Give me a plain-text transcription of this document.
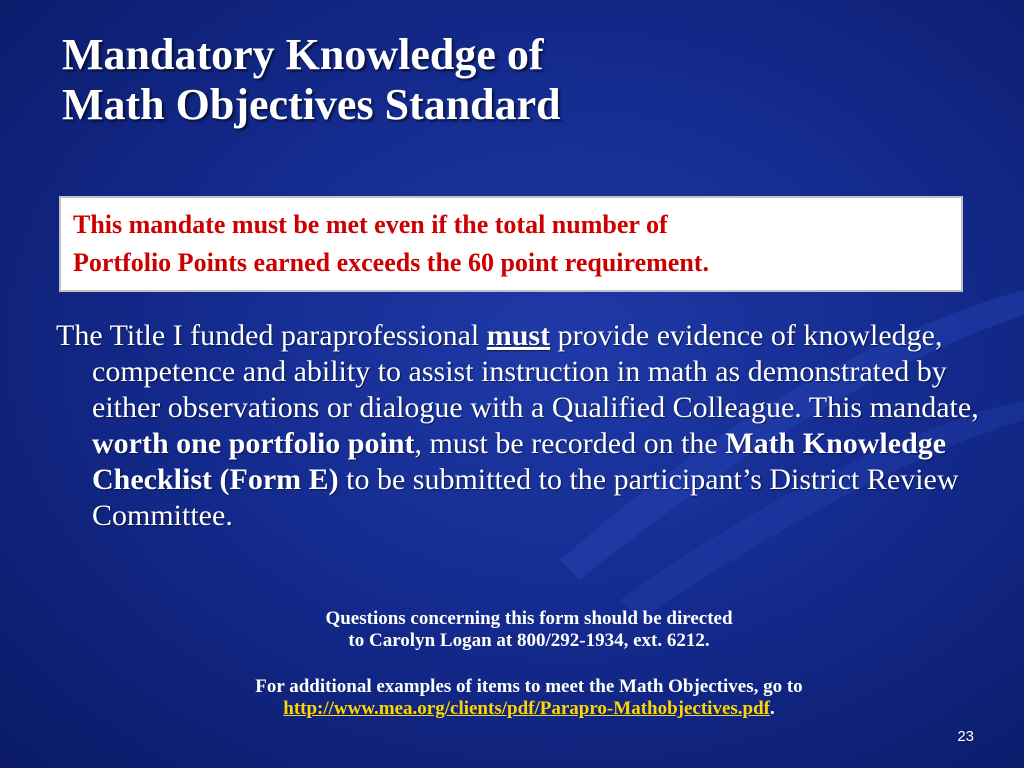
Mandatory Knowledge of
Math Objectives Standard
This mandate must be met even if the total number of
Portfolio Points earned exceeds the 60 point requirement.

The Title I funded paraprofessional must provide evidence of knowledge, competence and ability to assist instruction in math as demonstrated by either observations or dialogue with a Qualified Colleague. This mandate, worth one portfolio point, must be recorded on the Math Knowledge Checklist (Form E) to be submitted to the participant’s District Review Committee.

Questions concerning this form should be directed
to Carolyn Logan at 800/292-1934, ext. 6212.
For additional examples of items to meet the Math Objectives, go to
http://www.mea.org/clients/pdf/Parapro-Mathobjectives.pdf.
23
